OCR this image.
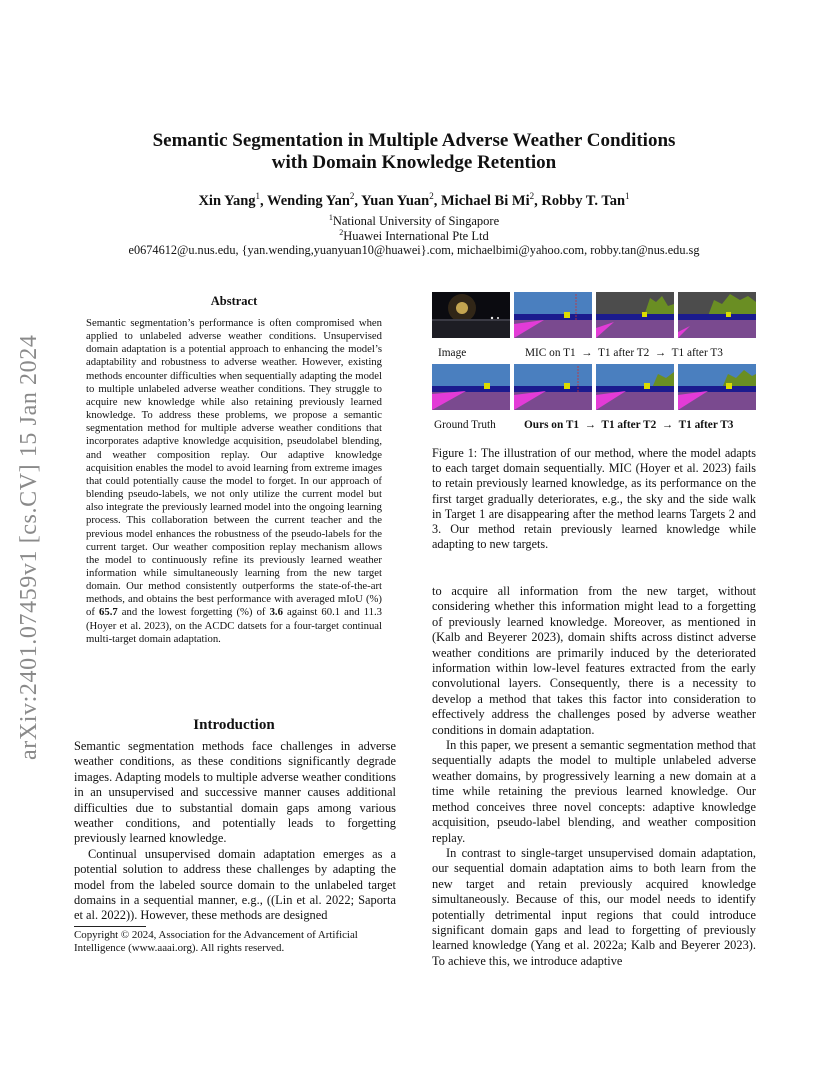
arXiv:2401.07459v1 [cs.CV] 15 Jan 2024
Semantic Segmentation in Multiple Adverse Weather Conditions
with Domain Knowledge Retention
Xin Yang$^1$, Wending Yan$^2$, Yuan Yuan$^2$, Michael Bi Mi$^2$, Robby T. Tan$^1$
$^1$National University of Singapore
$^2$Huawei International Pte Ltd
e0674612@u.nus.edu, {yan.wending,yuanyuan10@huawei}.com, michaelbimi@yahoo.com, robby.tan@nus.edu.sg
Abstract
Semantic segmentation’s performance is often compromised when applied to unlabeled adverse weather conditions. Unsupervised domain adaptation is a potential approach to enhancing the model’s adaptability and robustness to adverse weather. However, existing methods encounter difficulties when sequentially adapting the model to multiple unlabeled adverse weather conditions. They struggle to acquire new knowledge while also retaining previously learned knowledge. To address these problems, we propose a semantic segmentation method for multiple adverse weather conditions that incorporates adaptive knowledge acquisition, pseudolabel blending, and weather composition replay. Our adaptive knowledge acquisition enables the model to avoid learning from extreme images that could potentially cause the model to forget. In our approach of blending pseudo-labels, we not only utilize the current model but also integrate the previously learned model into the ongoing learning process. This collaboration between the current teacher and the previous model enhances the robustness of the pseudo-labels for the current target. Our weather composition replay mechanism allows the model to continuously refine its previously learned weather information while simultaneously learning from the new target domain. Our method consistently outperforms the state-of-the-art methods, and obtains the best performance with averaged mIoU (%) of 65.7 and the lowest forgetting (%) of 3.6 against 60.1 and 11.3 (Hoyer et al. 2023), on the ACDC datsets for a four-target continual multi-target domain adaptation.
Introduction

Semantic segmentation methods face challenges in adverse weather conditions, as these conditions significantly degrade images. Adapting models to multiple adverse weather conditions in an unsupervised and successive manner causes additional difficulties due to substantial domain gaps among various weather conditions, and potentially leads to forgetting previously learned knowledge.

Continual unsupervised domain adaptation emerges as a potential solution to address these challenges by adapting the model from the labeled source domain to the unlabeled target domains in a sequential manner, e.g., ((Lin et al. 2022; Saporta et al. 2022)). However, these methods are designed

Copyright © 2024, Association for the Advancement of Artificial Intelligence (www.aaai.org). All rights reserved.
Image	MIC on T1  →  T1 after T2  →  T1 after T3
Ground Truth Ours on T1  →  T1 after T2  →  T1 after T3
Figure 1: The illustration of our method, where the model adapts to each target domain sequentially. MIC (Hoyer et al. 2023) fails to retain previously learned knowledge, as its performance on the first target gradually deteriorates, e.g., the sky and the side walk in Target 1 are disappearing after the method learns Targets 2 and 3. Our method retain previously learned knowledge while adapting to new targets.

to acquire all information from the new target, without considering whether this information might lead to a forgetting of previously learned knowledge. Moreover, as mentioned in (Kalb and Beyerer 2023), domain shifts across distinct adverse weather conditions are primarily induced by the deteriorated information within low-level features extracted from the early convolutional layers. Consequently, there is a necessity to develop a method that takes this factor into consideration to effectively address the challenges posed by adverse weather conditions in domain adaptation.

In this paper, we present a semantic segmentation method that sequentially adapts the model to multiple unlabeled adverse weather domains, by progressively learning a new domain at a time while retaining the previous learned knowledge. Our method conceives three novel concepts: adaptive knowledge acquisition, pseudo-label blending, and weather composition replay.

In contrast to single-target unsupervised domain adaptation, our sequential domain adaptation aims to both learn from the new target and retain previously acquired knowledge simultaneously. Because of this, our model needs to identify potentially detrimental input regions that could introduce significant domain gaps and lead to forgetting of previously learned knowledge (Yang et al. 2022a; Kalb and Beyerer 2023). To achieve this, we introduce adaptive
